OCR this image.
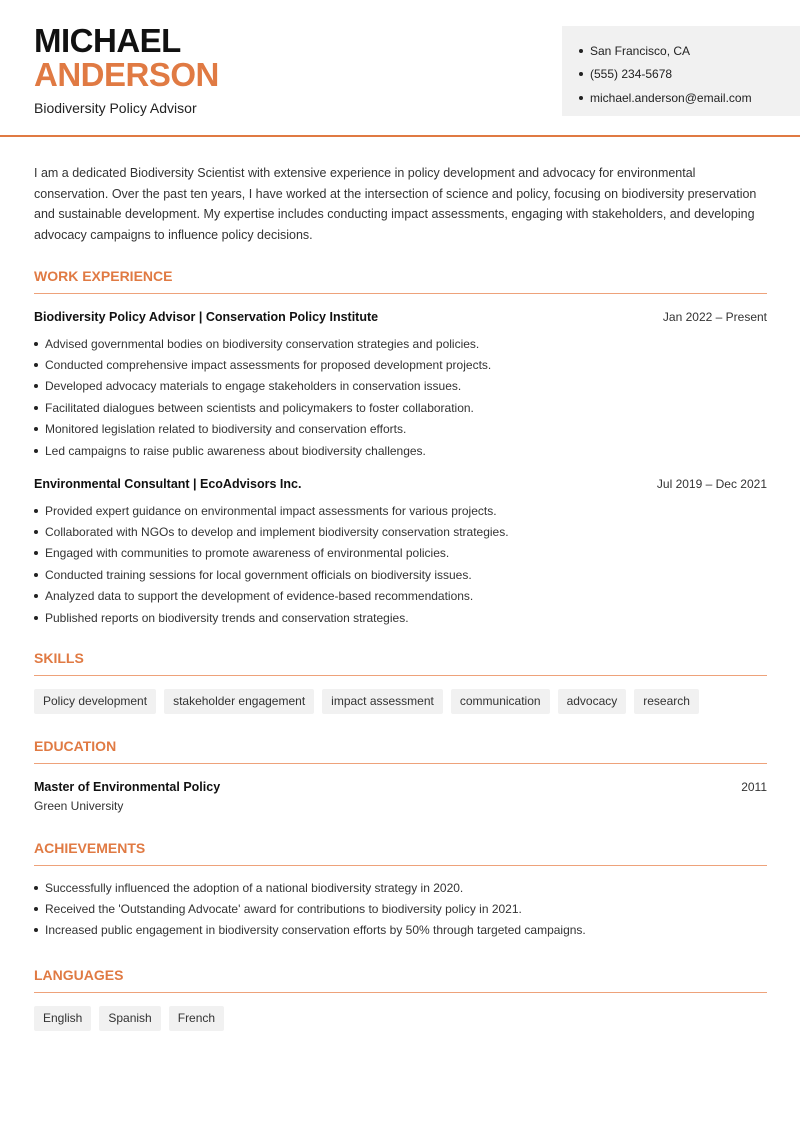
MICHAEL
ANDERSON
Biodiversity Policy Advisor
San Francisco, CA
(555) 234-5678
michael.anderson@email.com

I am a dedicated Biodiversity Scientist with extensive experience in policy development and advocacy for environmental conservation. Over the past ten years, I have worked at the intersection of science and policy, focusing on biodiversity preservation and sustainable development. My expertise includes conducting impact assessments, engaging with stakeholders, and developing advocacy campaigns to influence policy decisions.

WORK EXPERIENCE
Biodiversity Policy Advisor | Conservation Policy Institute	Jan 2022 – Present
Advised governmental bodies on biodiversity conservation strategies and policies.
Conducted comprehensive impact assessments for proposed development projects.
Developed advocacy materials to engage stakeholders in conservation issues.
Facilitated dialogues between scientists and policymakers to foster collaboration.
Monitored legislation related to biodiversity and conservation efforts.
Led campaigns to raise public awareness about biodiversity challenges.
Environmental Consultant | EcoAdvisors Inc.	Jul 2019 – Dec 2021
Provided expert guidance on environmental impact assessments for various projects.
Collaborated with NGOs to develop and implement biodiversity conservation strategies.
Engaged with communities to promote awareness of environmental policies.
Conducted training sessions for local government officials on biodiversity issues.
Analyzed data to support the development of evidence-based recommendations.
Published reports on biodiversity trends and conservation strategies.
SKILLS
Policy development	stakeholder engagement	impact assessment	communication	advocacy	research
EDUCATION
Master of Environmental Policy	2011
Green University
ACHIEVEMENTS
Successfully influenced the adoption of a national biodiversity strategy in 2020.
Received the 'Outstanding Advocate' award for contributions to biodiversity policy in 2021.
Increased public engagement in biodiversity conservation efforts by 50% through targeted campaigns.
LANGUAGES
English	Spanish	French
